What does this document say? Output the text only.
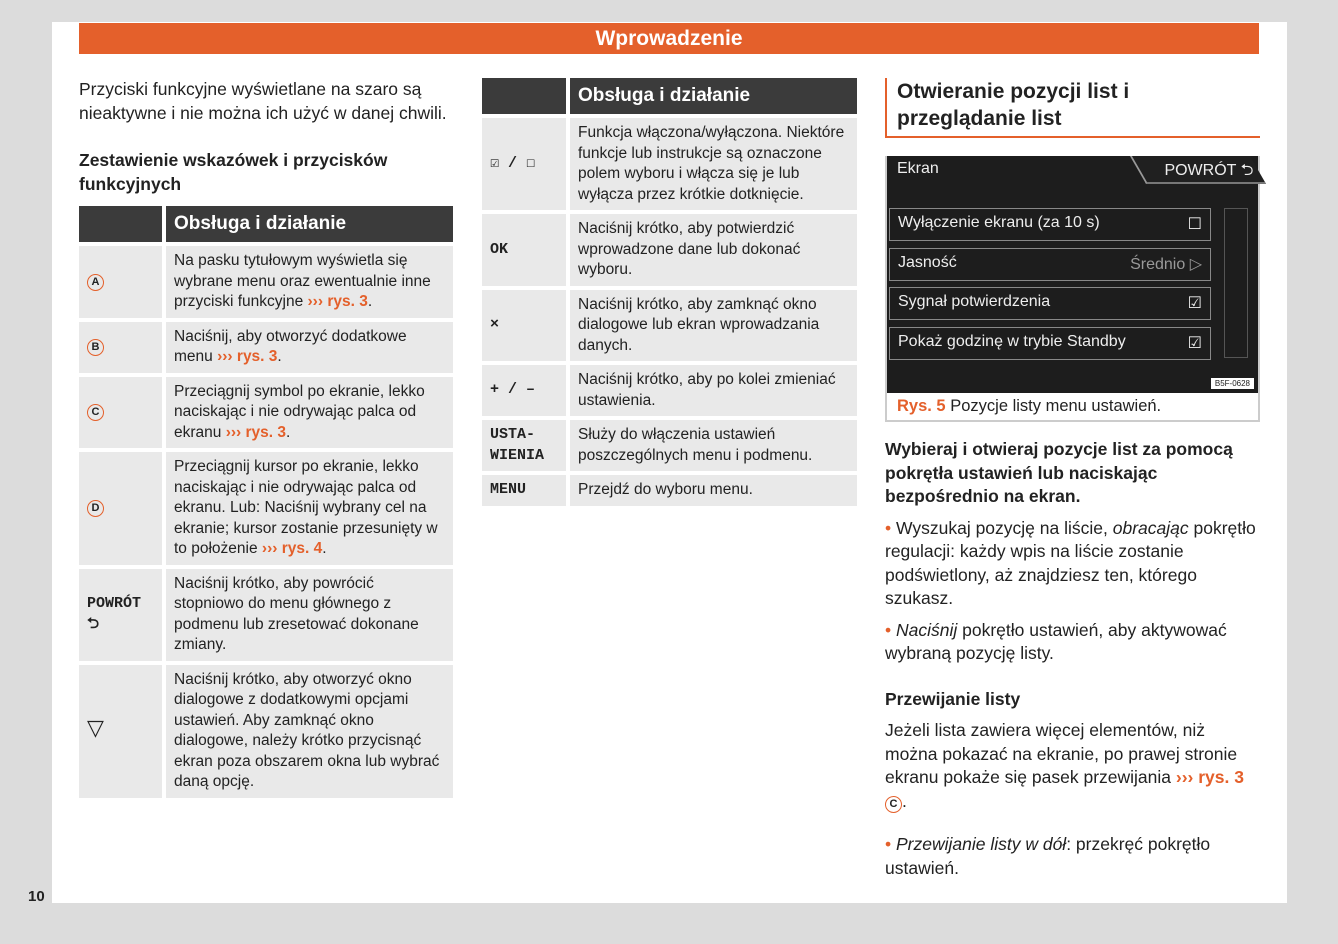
Wprowadzenie
10

Przyciski funkcyjne wyświetlane na szaro są nieaktywne i nie można ich użyć w danej chwili.

Zestawienie wskazówek i przycisków funkcyjnych
	Obsługa i działanie
A	Na pasku tytułowym wyświetla się wybrane menu oraz ewentualnie inne przyciski funkcyjne ››› rys. 3.
B	Naciśnij, aby otworzyć dodatkowe menu ››› rys. 3.
C	Przeciągnij symbol po ekranie, lekko naciskając i nie odrywając palca od ekranu ››› rys. 3.
D	Przeciągnij kursor po ekranie, lekko naciskając i nie odrywając palca od ekranu. Lub: Naciśnij wybrany cel na ekranie; kursor zostanie przesunięty w to położenie ››› rys. 4.
POWRÓT
⮌	Naciśnij krótko, aby powrócić stopniowo do menu głównego z podmenu lub zresetować dokonane zmiany.
▽	Naciśnij krótko, aby otworzyć okno dialogowe z dodatkowymi opcjami ustawień. Aby zamknąć okno dialogowe, należy krótko przycisnąć ekran poza obszarem okna lub wybrać daną opcję.
	Obsługa i działanie
☑ / ☐	Funkcja włączona/wyłączona. Niektóre funkcje lub instrukcje są oznaczone polem wyboru i włącza się je lub wyłącza przez krótkie dotknięcie.
OK	Naciśnij krótko, aby potwierdzić wprowadzone dane lub dokonać wyboru.
×	Naciśnij krótko, aby zamknąć okno dialogowe lub ekran wprowadzania danych.
+ / –	Naciśnij krótko, aby po kolei zmieniać ustawienia.
USTA-WIENIA	Służy do włączenia ustawień poszczególnych menu i podmenu.
MENU	Przejdź do wyboru menu.
Otwieranie pozycji list i przeglądanie list
Ekran	POWRÓT ⮌
Wyłączenie ekranu (za 10 s)	☐
Jasność	Średnio ▷
Sygnał potwierdzenia	☑
Pokaż godzinę w trybie Standby	☑
B5F-0628
Rys. 5 Pozycje listy menu ustawień.

Wybieraj i otwieraj pozycje list za pomocą pokrętła ustawień lub naciskając bezpośrednio na ekran.

• Wyszukaj pozycję na liście, obracając pokrętło regulacji: każdy wpis na liście zostanie podświetlony, aż znajdziesz ten, którego szukasz.

• Naciśnij pokrętło ustawień, aby aktywować wybraną pozycję listy.

Przewijanie listy

Jeżeli lista zawiera więcej elementów, niż można pokazać na ekranie, po prawej stronie ekranu pokaże się pasek przewijania ››› rys. 3 C .

• Przewijanie listy w dół: przekręć pokrętło ustawień.
